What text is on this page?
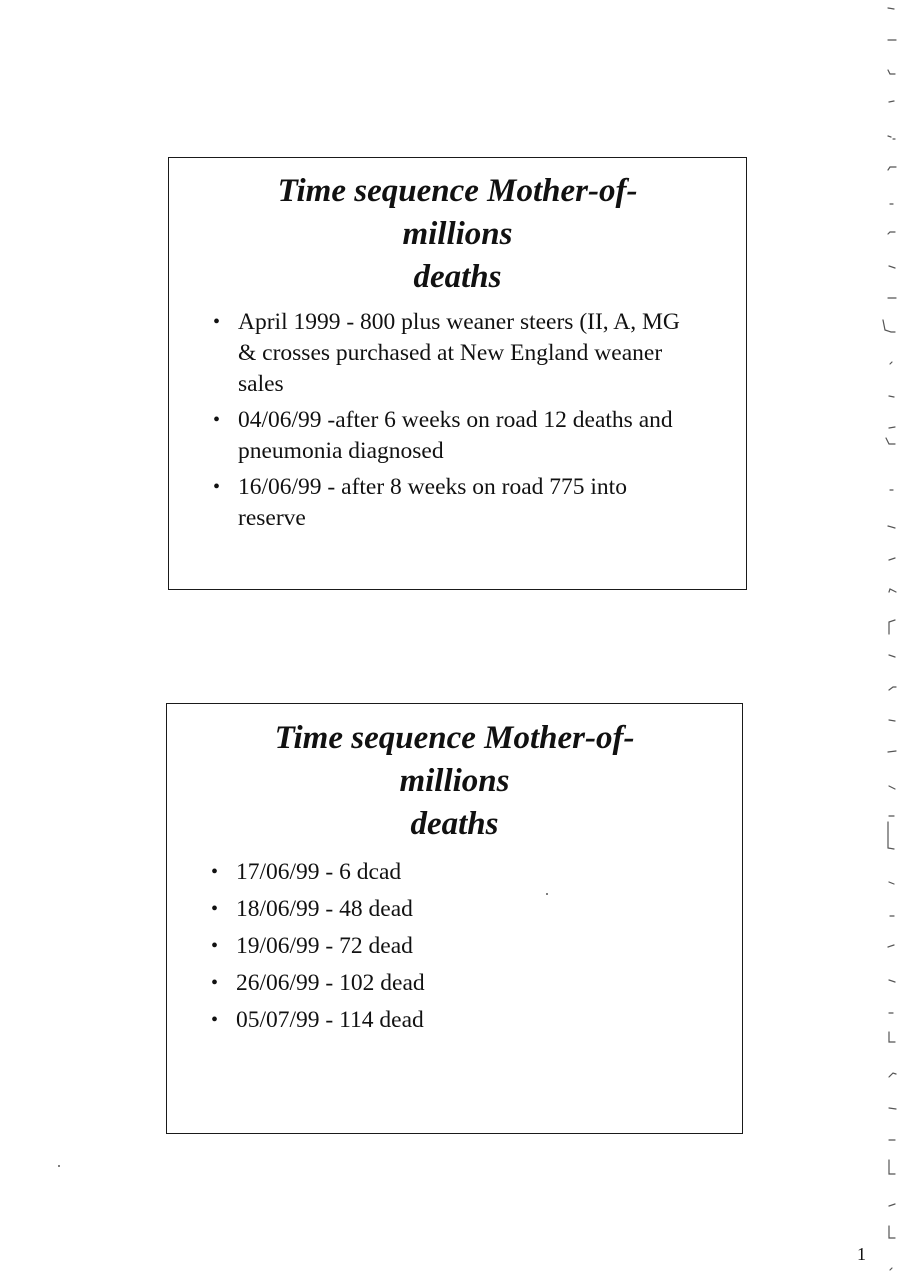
Time sequence Mother-of-
millions
deaths
• April 1999 - 800 plus weaner steers (II, A, MG & crosses purchased at New England weaner sales
• 04/06/99 -after 6 weeks on road 12 deaths and pneumonia diagnosed
• 16/06/99 - after 8 weeks on road 775 into reserve
Time sequence Mother-of-
millions
deaths
• 17/06/99 - 6 dcad
• 18/06/99 - 48 dead
• 19/06/99 - 72 dead
• 26/06/99 - 102 dead
• 05/07/99 - 114 dead
1
